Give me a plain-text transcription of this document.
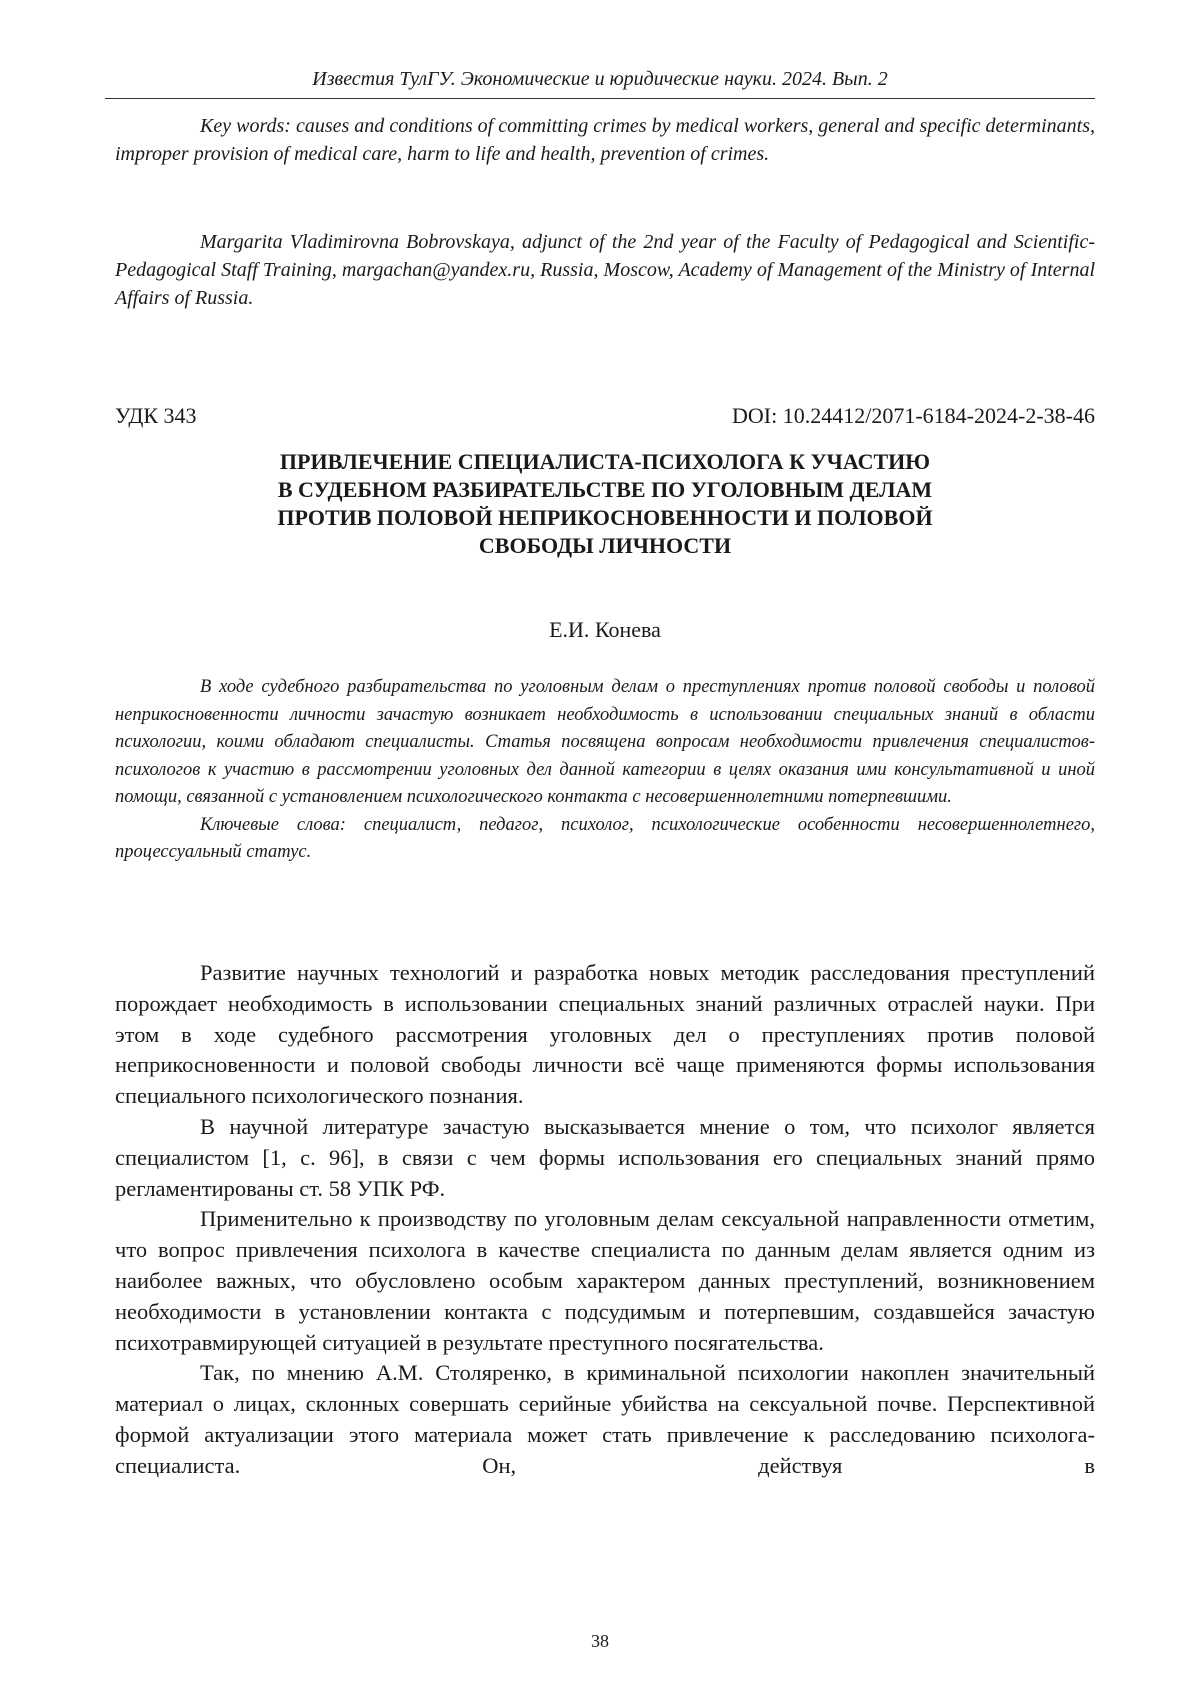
Известия ТулГУ. Экономические и юридические науки. 2024. Вып. 2

Key words: causes and conditions of committing crimes by medical workers, general and specific determinants, improper provision of medical care, harm to life and health, prevention of crimes.

Margarita Vladimirovna Bobrovskaya, adjunct of the 2nd year of the Faculty of Pedagogical and Scientific-Pedagogical Staff Training, margachan@yandex.ru, Russia, Moscow, Academy of Management of the Ministry of Internal Affairs of Russia.

УДК 343	DOI: 10.24412/2071-6184-2024-2-38-46
ПРИВЛЕЧЕНИЕ СПЕЦИАЛИСТА-ПСИХОЛОГА К УЧАСТИЮ
В СУДЕБНОМ РАЗБИРАТЕЛЬСТВЕ ПО УГОЛОВНЫМ ДЕЛАМ
ПРОТИВ ПОЛОВОЙ НЕПРИКОСНОВЕННОСТИ И ПОЛОВОЙ
СВОБОДЫ ЛИЧНОСТИ
Е.И. Конева

В ходе судебного разбирательства по уголовным делам о преступлениях против половой свободы и половой неприкосновенности личности зачастую возникает необходимость в использовании специальных знаний в области психологии, коими обладают специалисты. Статья посвящена вопросам необходимости привлечения специалистов-психологов к участию в рассмотрении уголовных дел данной категории в целях оказания ими консультативной и иной помощи, связанной с установлением психологического контакта с несовершеннолетними потерпевшими.

Ключевые слова: специалист, педагог, психолог, психологические особенности несовершеннолетнего, процессуальный статус.

Развитие научных технологий и разработка новых методик расследования преступлений порождает необходимость в использовании специальных знаний различных отраслей науки. При этом в ходе судебного рассмотрения уголовных дел о преступлениях против половой неприкосновенности и половой свободы личности всё чаще применяются формы использования специального психологического познания.

В научной литературе зачастую высказывается мнение о том, что психолог является специалистом [1, с. 96], в связи с чем формы использования его специальных знаний прямо регламентированы ст. 58 УПК РФ.

Применительно к производству по уголовным делам сексуальной направленности отметим, что вопрос привлечения психолога в качестве специалиста по данным делам является одним из наиболее важных, что обусловлено особым характером данных преступлений, возникновением необходимости в установлении контакта с подсудимым и потерпевшим, создавшейся зачастую психотравмирующей ситуацией в результате преступного посягательства.

Так, по мнению А.М. Столяренко, в криминальной психологии накоплен значительный материал о лицах, склонных совершать серийные убийства на сексуальной почве. Перспективной формой актуализации этого материала может стать привлечение к расследованию психолога-специалиста. Он, действуя в

38
